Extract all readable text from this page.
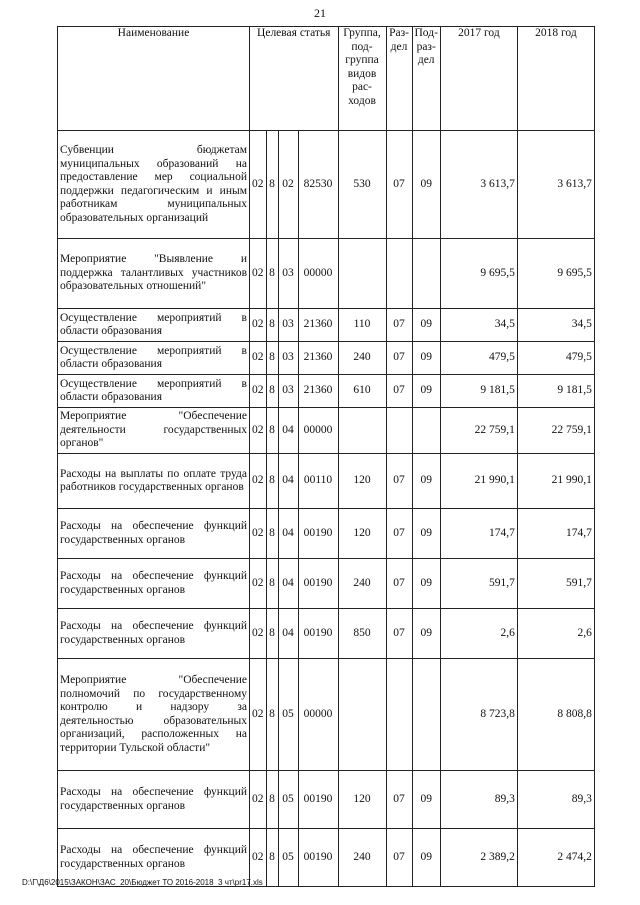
21
Наименование	Целевая статья				Группа, под- группа видов рас- ходов	Раз- дел	Под- раз- дел	2017 год	2018 год
Субвенции бюджетам муниципальных образований на предоставление мер социальной поддержки педагогическим и иным работникам муниципальных образовательных организаций	02	8	02	82530	530	07	09	3 613,7	3 613,7
Мероприятие "Выявление и поддержка талантливых участников образовательных отношений"	02	8	03	00000				9 695,5	9 695,5
Осуществление мероприятий в области образования	02	8	03	21360	110	07	09	34,5	34,5
Осуществление мероприятий в области образования	02	8	03	21360	240	07	09	479,5	479,5
Осуществление мероприятий в области образования	02	8	03	21360	610	07	09	9 181,5	9 181,5
Мероприятие "Обеспечение деятельности государственных органов"	02	8	04	00000				22 759,1	22 759,1
Расходы на выплаты по оплате труда работников государственных органов	02	8	04	00110	120	07	09	21 990,1	21 990,1
Расходы на обеспечение функций государственных органов	02	8	04	00190	120	07	09	174,7	174,7
Расходы на обеспечение функций государственных органов	02	8	04	00190	240	07	09	591,7	591,7
Расходы на обеспечение функций государственных органов	02	8	04	00190	850	07	09	2,6	2,6
Мероприятие "Обеспечение полномочий по государственному контролю и надзору за деятельностью образовательных организаций, расположенных на территории Тульской области"	02	8	05	00000				8 723,8	8 808,8
Расходы на обеспечение функций государственных органов	02	8	05	00190	120	07	09	89,3	89,3
Расходы на обеспечение функций государственных органов	02	8	05	00190	240	07	09	2 389,2	2 474,2
D:\Г\Д6\2015\ЗАКОН\ЗАС_20\Бюджет ТО 2016-2018_3 чт\pr17.xls
